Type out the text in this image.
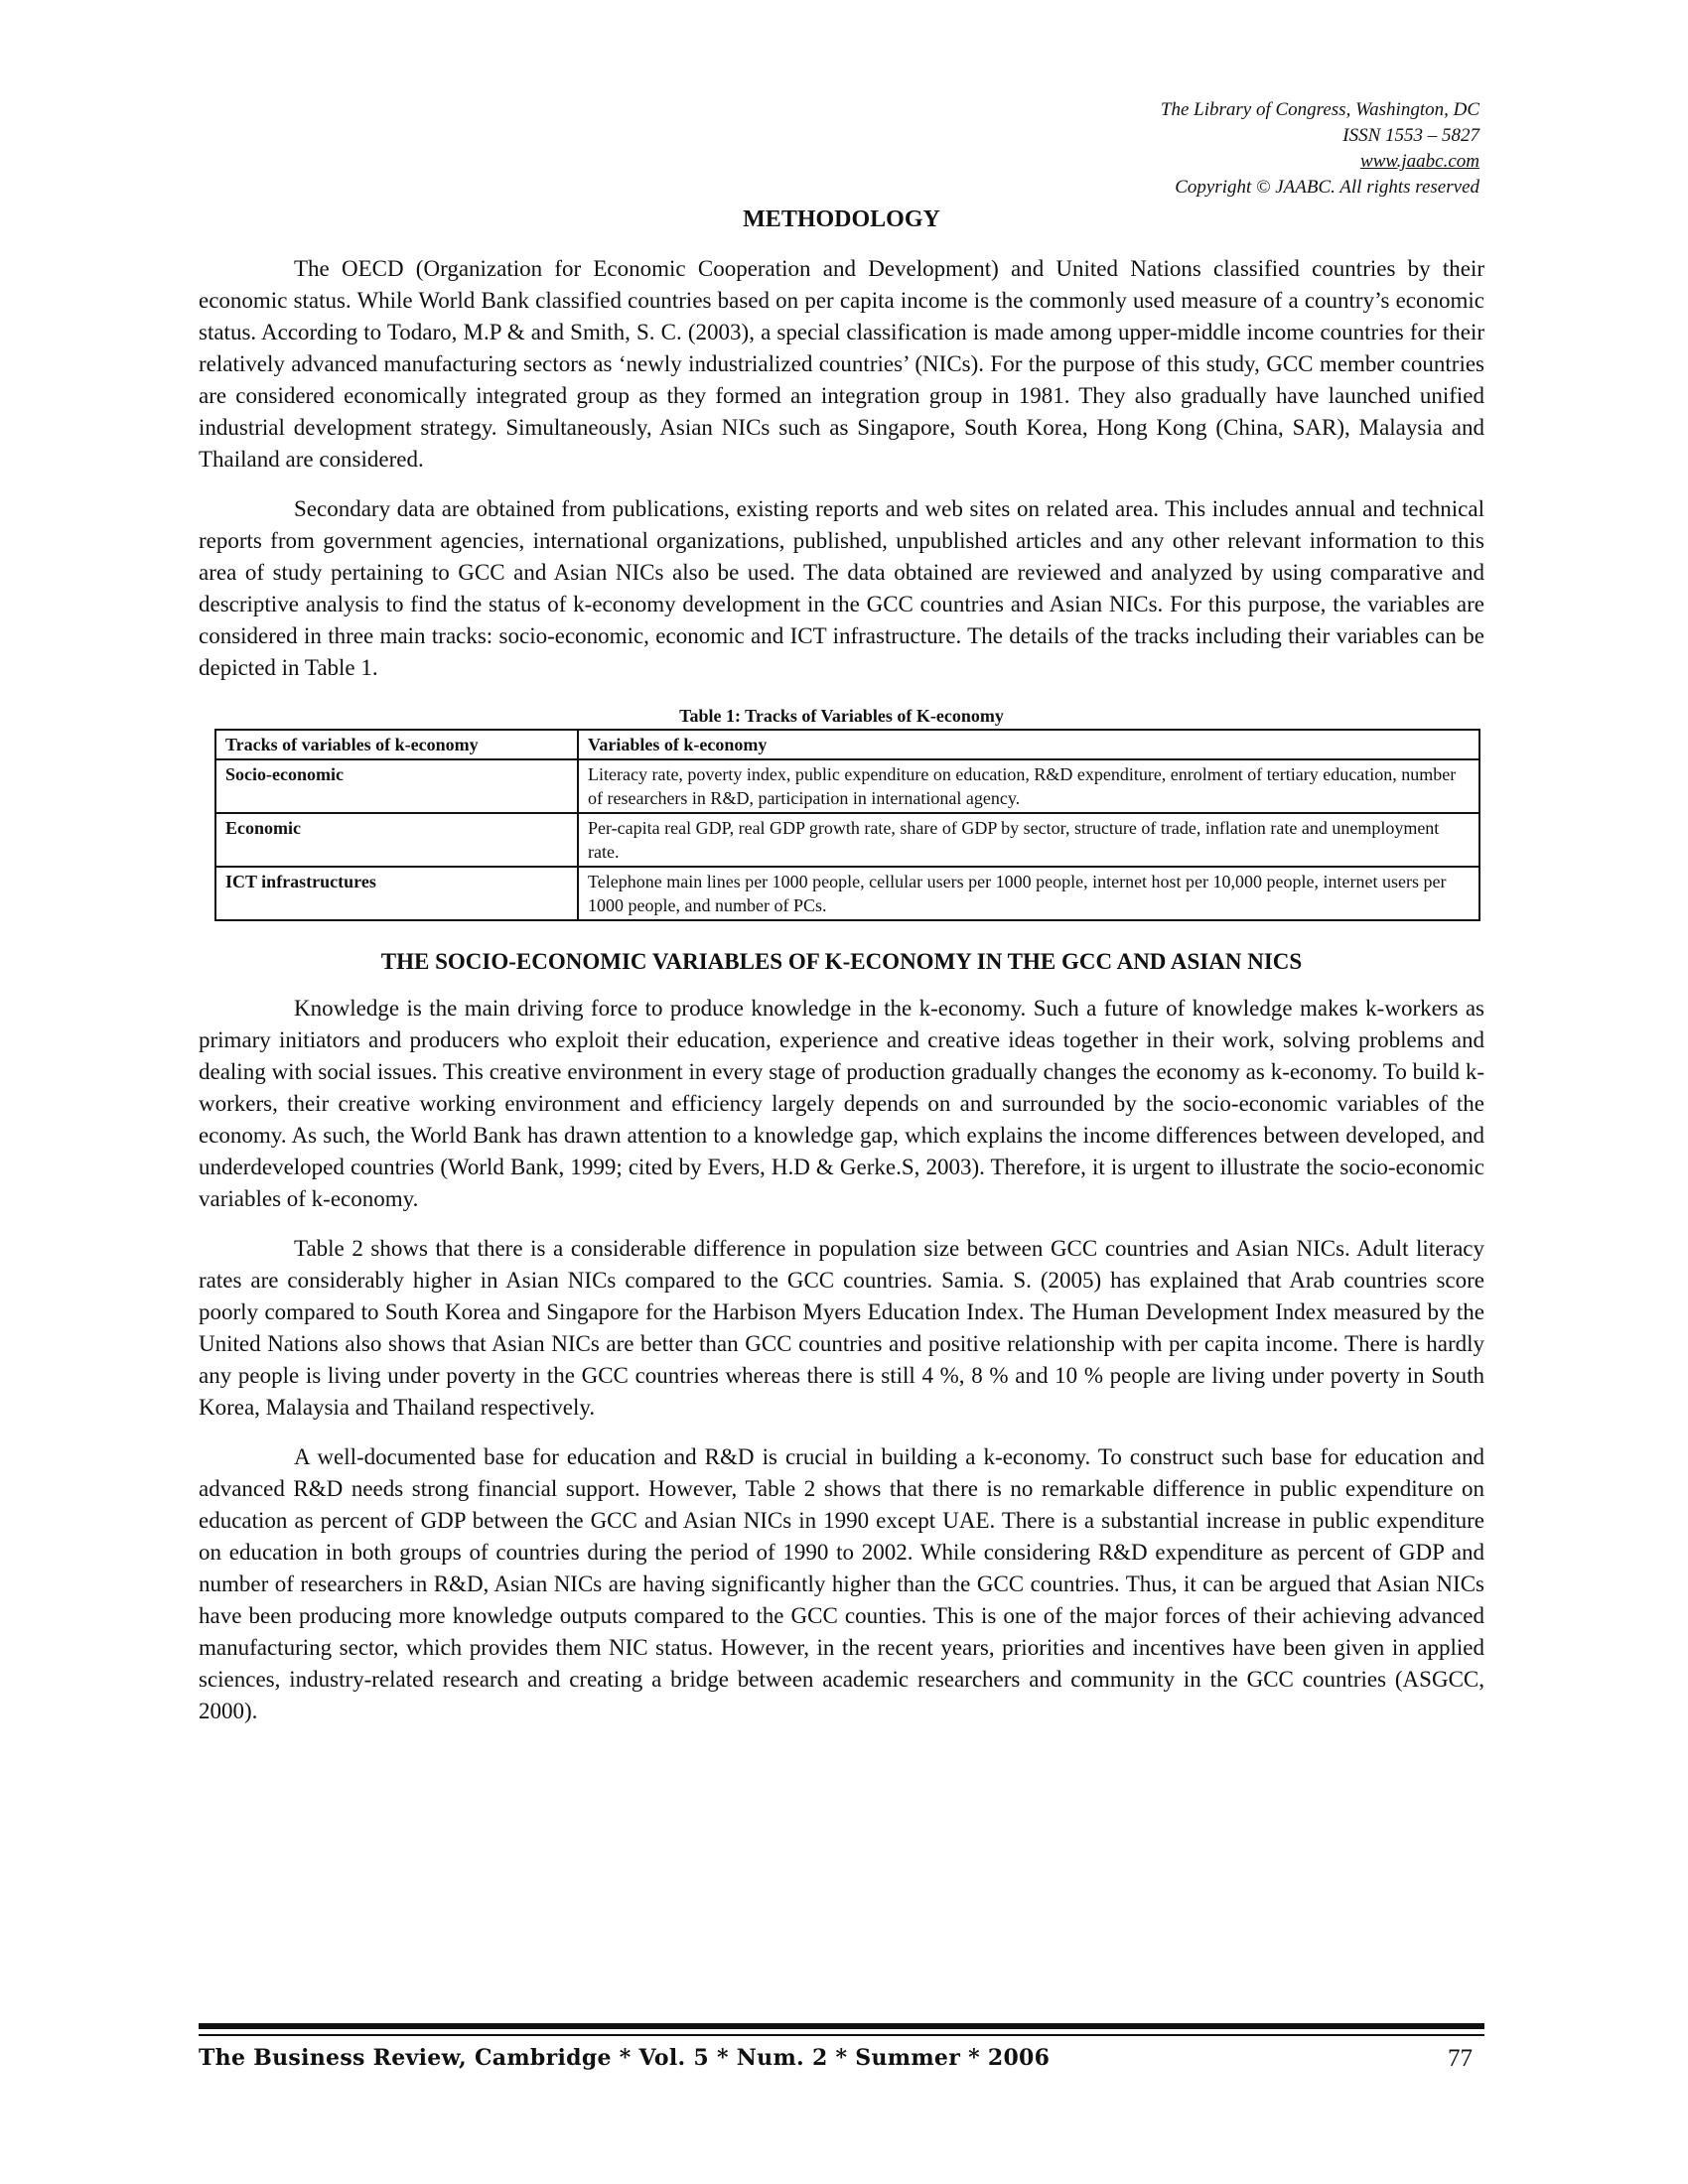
The Library of Congress, Washington, DC
ISSN 1553 – 5827
www.jaabc.com
Copyright © JAABC. All rights reserved
METHODOLOGY

The OECD (Organization for Economic Cooperation and Development) and United Nations classified countries by their economic status. While World Bank classified countries based on per capita income is the commonly used measure of a country’s economic status. According to Todaro, M.P & and Smith, S. C. (2003), a special classification is made among upper-middle income countries for their relatively advanced manufacturing sectors as ‘newly industrialized countries’ (NICs). For the purpose of this study, GCC member countries are considered economically integrated group as they formed an integration group in 1981. They also gradually have launched unified industrial development strategy. Simultaneously, Asian NICs such as Singapore, South Korea, Hong Kong (China, SAR), Malaysia and Thailand are considered.

Secondary data are obtained from publications, existing reports and web sites on related area. This includes annual and technical reports from government agencies, international organizations, published, unpublished articles and any other relevant information to this area of study pertaining to GCC and Asian NICs also be used. The data obtained are reviewed and analyzed by using comparative and descriptive analysis to find the status of k-economy development in the GCC countries and Asian NICs. For this purpose, the variables are considered in three main tracks: socio-economic, economic and ICT infrastructure. The details of the tracks including their variables can be depicted in Table 1.

Table 1: Tracks of Variables of K-economy
Tracks of variables of k-economy	Variables of k-economy
Socio-economic	Literacy rate, poverty index, public expenditure on education, R&D expenditure, enrolment of tertiary education, number of researchers in R&D, participation in international agency.
Economic	Per-capita real GDP, real GDP growth rate, share of GDP by sector, structure of trade, inflation rate and unemployment rate.
ICT infrastructures	Telephone main lines per 1000 people, cellular users per 1000 people, internet host per 10,000 people, internet users per 1000 people, and number of PCs.
THE SOCIO-ECONOMIC VARIABLES OF K-ECONOMY IN THE GCC AND ASIAN NICS

Knowledge is the main driving force to produce knowledge in the k-economy. Such a future of knowledge makes k-workers as primary initiators and producers who exploit their education, experience and creative ideas together in their work, solving problems and dealing with social issues. This creative environment in every stage of production gradually changes the economy as k-economy. To build k-workers, their creative working environment and efficiency largely depends on and surrounded by the socio-economic variables of the economy. As such, the World Bank has drawn attention to a knowledge gap, which explains the income differences between developed, and underdeveloped countries (World Bank, 1999; cited by Evers, H.D & Gerke.S, 2003). Therefore, it is urgent to illustrate the socio-economic variables of k-economy.

Table 2 shows that there is a considerable difference in population size between GCC countries and Asian NICs. Adult literacy rates are considerably higher in Asian NICs compared to the GCC countries. Samia. S. (2005) has explained that Arab countries score poorly compared to South Korea and Singapore for the Harbison Myers Education Index. The Human Development Index measured by the United Nations also shows that Asian NICs are better than GCC countries and positive relationship with per capita income. There is hardly any people is living under poverty in the GCC countries whereas there is still 4 %, 8 % and 10 % people are living under poverty in South Korea, Malaysia and Thailand respectively.

A well-documented base for education and R&D is crucial in building a k-economy. To construct such base for education and advanced R&D needs strong financial support. However, Table 2 shows that there is no remarkable difference in public expenditure on education as percent of GDP between the GCC and Asian NICs in 1990 except UAE. There is a substantial increase in public expenditure on education in both groups of countries during the period of 1990 to 2002. While considering R&D expenditure as percent of GDP and number of researchers in R&D, Asian NICs are having significantly higher than the GCC countries. Thus, it can be argued that Asian NICs have been producing more knowledge outputs compared to the GCC counties. This is one of the major forces of their achieving advanced manufacturing sector, which provides them NIC status. However, in the recent years, priorities and incentives have been given in applied sciences, industry-related research and creating a bridge between academic researchers and community in the GCC countries (ASGCC, 2000).

The Business Review, Cambridge * Vol. 5 * Num. 2 * Summer * 2006	77
